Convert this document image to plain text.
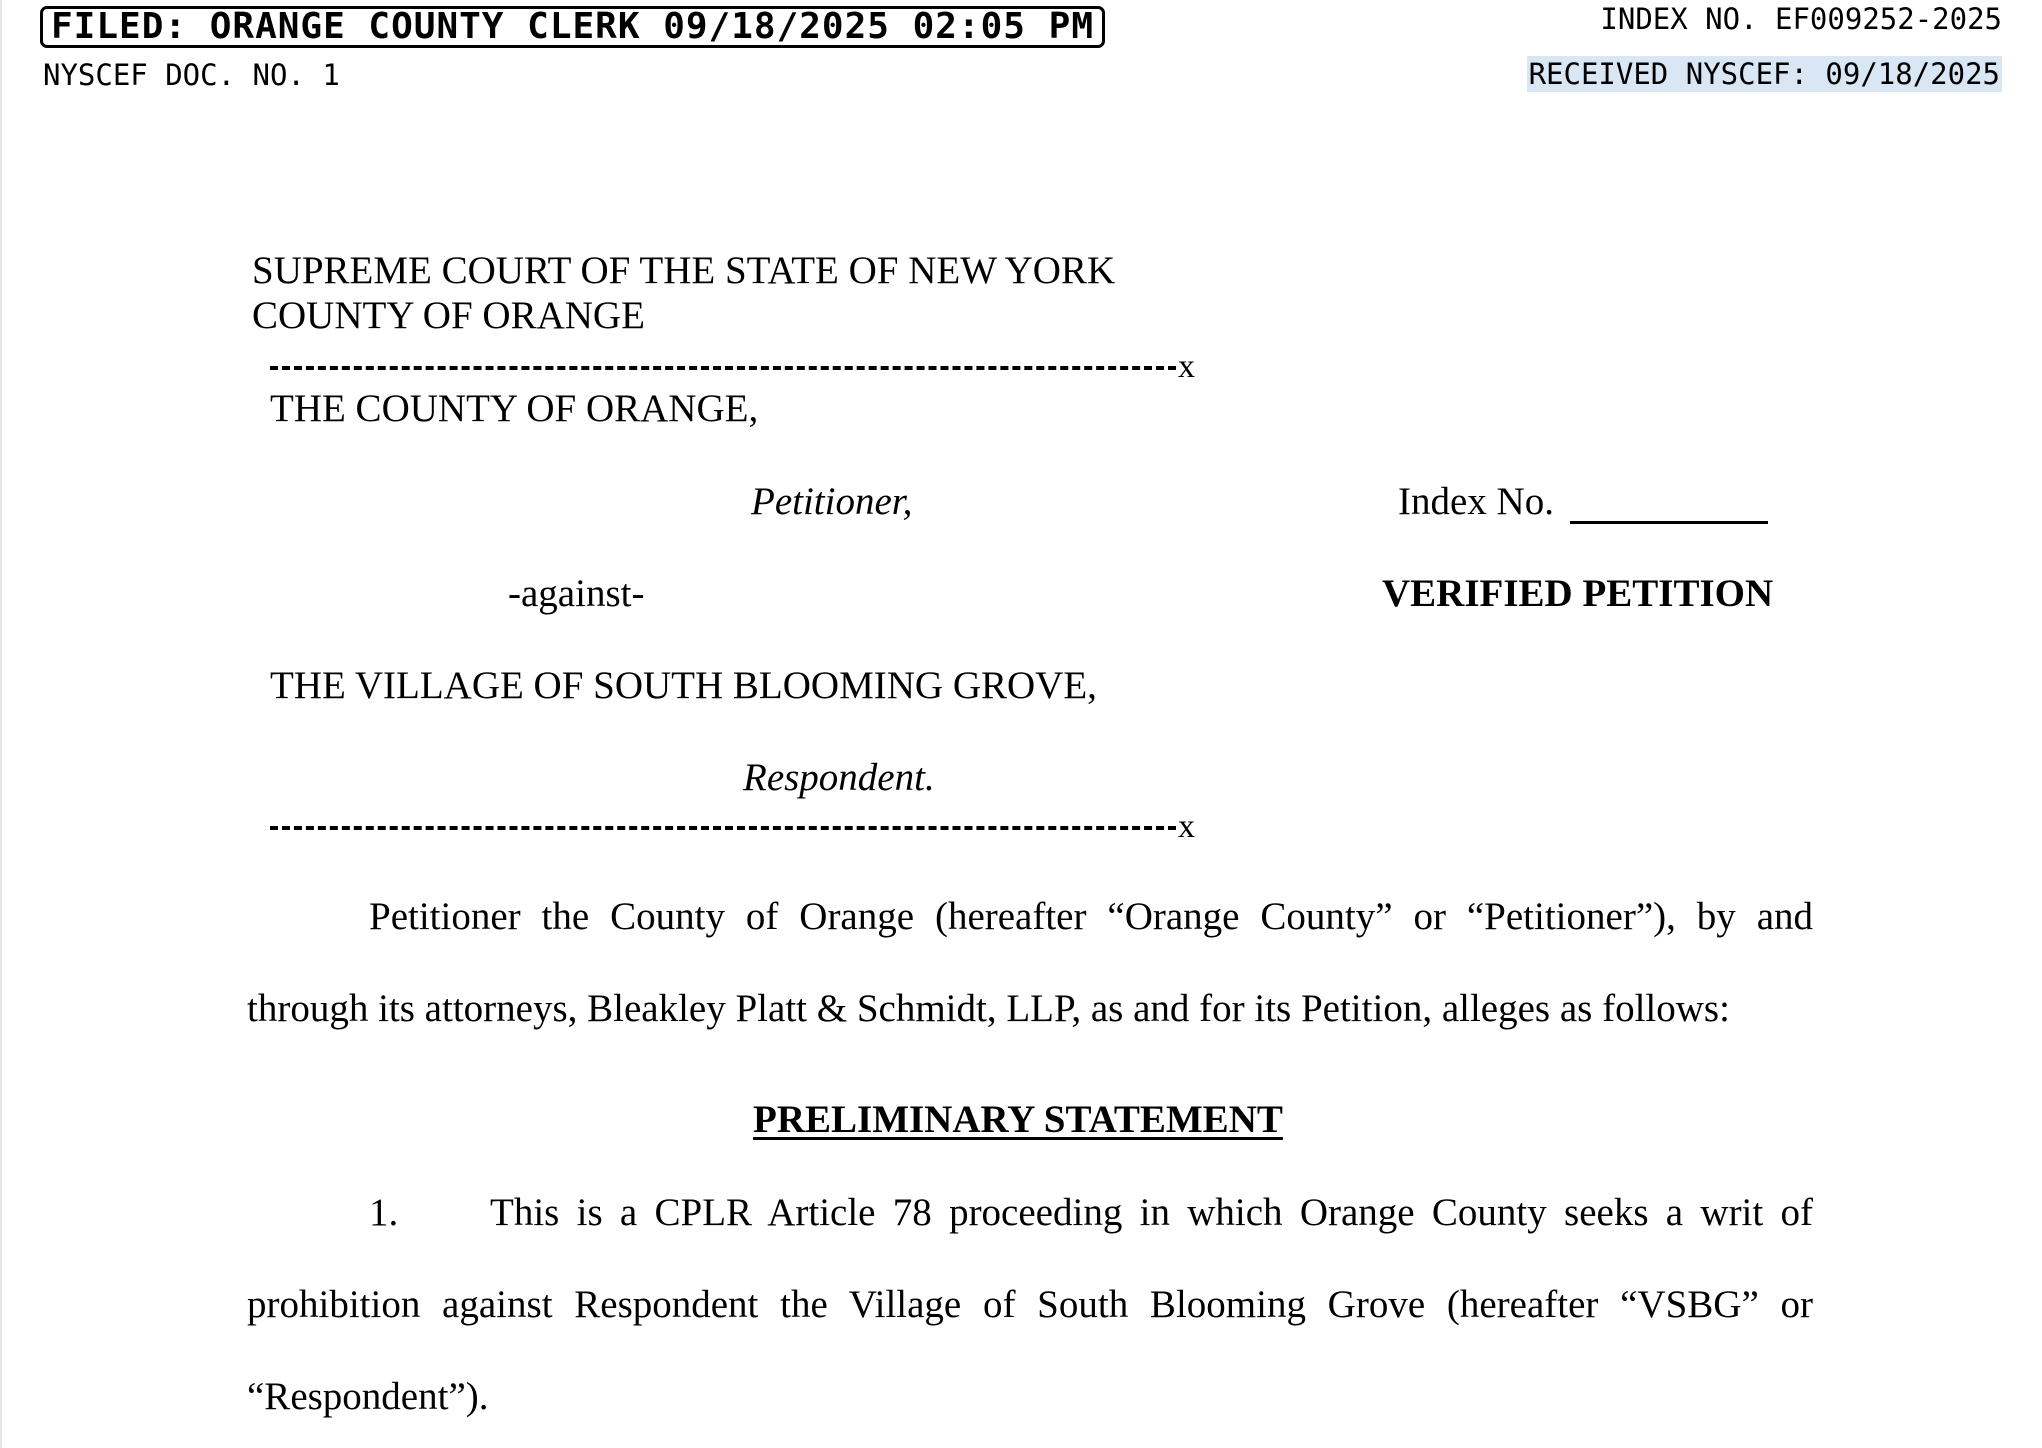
FILED: ORANGE COUNTY CLERK 09/18/2025 02:05 PM	INDEX NO. EF009252-2025
NYSCEF DOC. NO. 1	RECEIVED NYSCEF: 09/18/2025
SUPREME COURT OF THE STATE OF NEW YORK
COUNTY OF ORANGE
x
THE COUNTY OF ORANGE,
Petitioner,	Index No.
-against-	VERIFIED PETITION
THE VILLAGE OF SOUTH BLOOMING GROVE,
Respondent.
x
Petitioner the County of Orange (hereafter “Orange County” or “Petitioner”), by and
through its attorneys, Bleakley Platt & Schmidt, LLP, as and for its Petition, alleges as follows:
PRELIMINARY STATEMENT
1. This is a CPLR Article 78 proceeding in which Orange County seeks a writ of
prohibition against Respondent the Village of South Blooming Grove (hereafter “VSBG” or
“Respondent”).
